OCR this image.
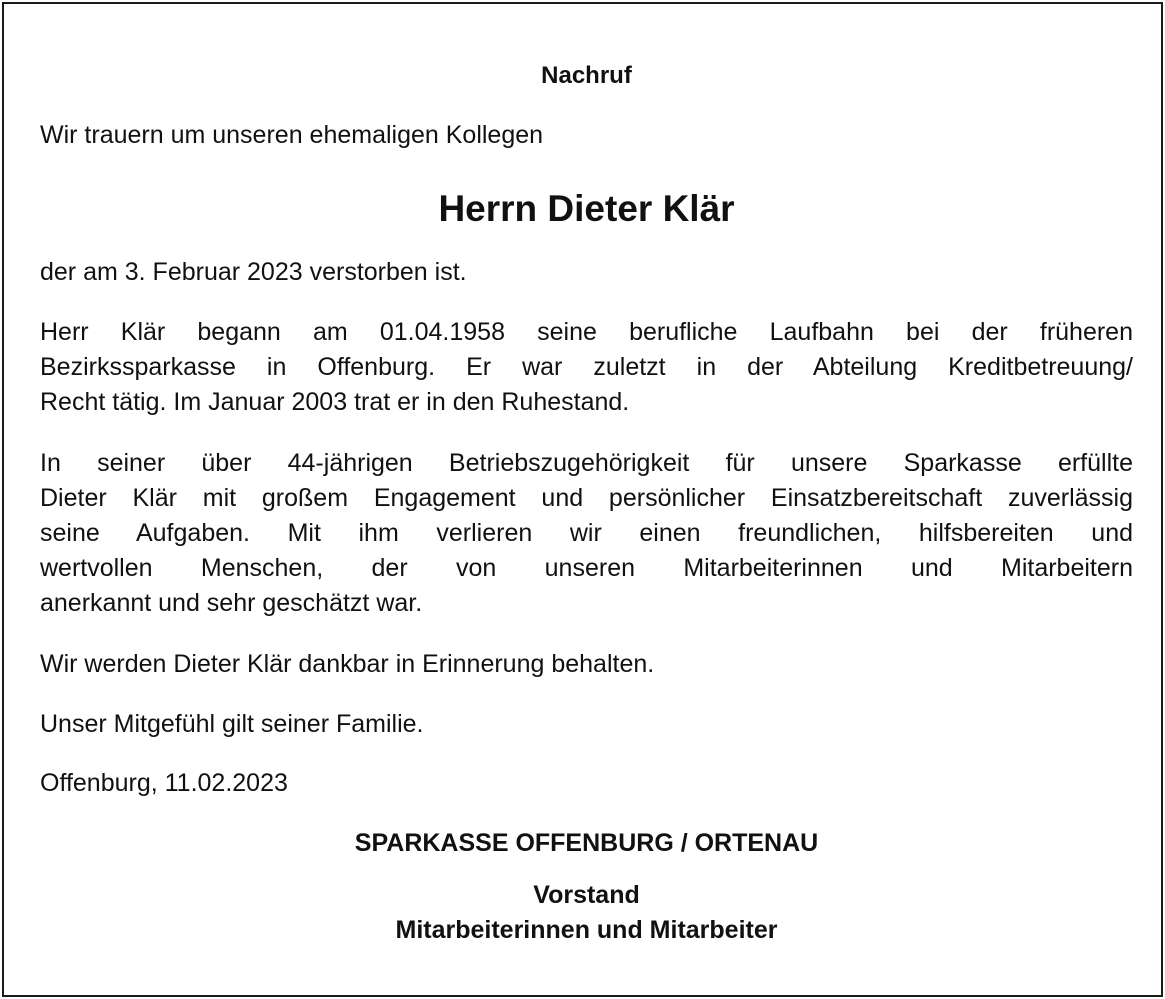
Nachruf
Wir trauern um unseren ehemaligen Kollegen
Herrn Dieter Klär
der am 3. Februar 2023 verstorben ist.
Herr Klär begann am 01.04.1958 seine berufliche Laufbahn bei der früheren
Bezirkssparkasse in Offenburg. Er war zuletzt in der Abteilung Kreditbetreuung/
Recht tätig. Im Januar 2003 trat er in den Ruhestand.
In seiner über 44-jährigen Betriebszugehörigkeit für unsere Sparkasse erfüllte
Dieter Klär mit großem Engagement und persönlicher Einsatzbereitschaft zuverlässig
seine Aufgaben. Mit ihm verlieren wir einen freundlichen, hilfsbereiten und
wertvollen Menschen, der von unseren Mitarbeiterinnen und Mitarbeitern
anerkannt und sehr geschätzt war.
Wir werden Dieter Klär dankbar in Erinnerung behalten.
Unser Mitgefühl gilt seiner Familie.
Offenburg, 11.02.2023
SPARKASSE OFFENBURG / ORTENAU
Vorstand
Mitarbeiterinnen und Mitarbeiter
